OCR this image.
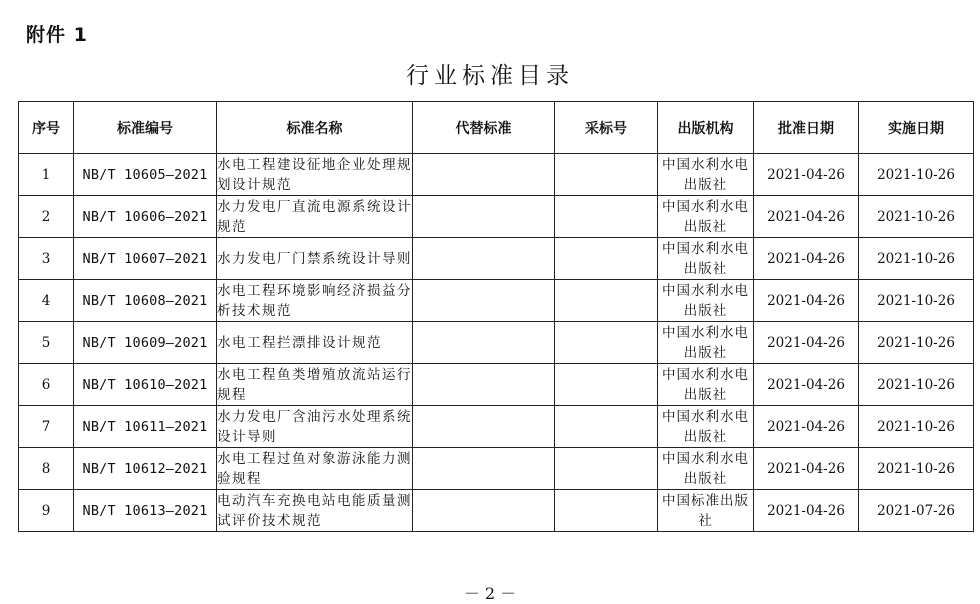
附件 1
行业标准目录
序号	标准编号	标准名称	代替标准	采标号	出版机构	批准日期	实施日期
1	NB/T 10605—2021	水电工程建设征地企业处理规划设计规范			中国水利水电出版社	2021-04-26	2021-10-26
2	NB/T 10606—2021	水力发电厂直流电源系统设计规范			中国水利水电出版社	2021-04-26	2021-10-26
3	NB/T 10607—2021	水力发电厂门禁系统设计导则			中国水利水电出版社	2021-04-26	2021-10-26
4	NB/T 10608—2021	水电工程环境影响经济损益分析技术规范			中国水利水电出版社	2021-04-26	2021-10-26
5	NB/T 10609—2021	水电工程拦漂排设计规范			中国水利水电出版社	2021-04-26	2021-10-26
6	NB/T 10610—2021	水电工程鱼类增殖放流站运行规程			中国水利水电出版社	2021-04-26	2021-10-26
7	NB/T 10611—2021	水力发电厂含油污水处理系统设计导则			中国水利水电出版社	2021-04-26	2021-10-26
8	NB/T 10612—2021	水电工程过鱼对象游泳能力测验规程			中国水利水电出版社	2021-04-26	2021-10-26
9	NB/T 10613—2021	电动汽车充换电站电能质量测试评价技术规范			中国标准出版社	2021-04-26	2021-07-26
－ 2 －
